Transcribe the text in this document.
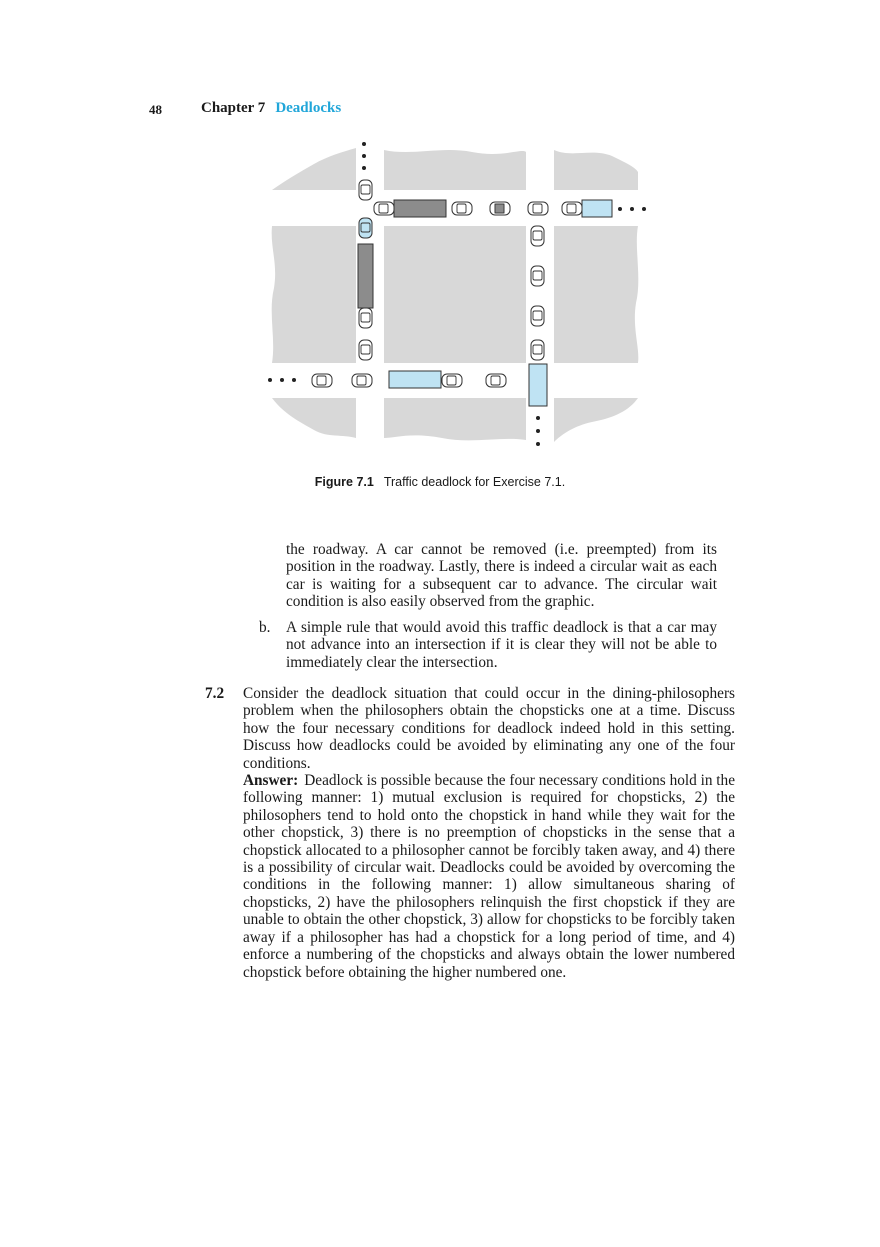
48	Chapter 7 Deadlocks
Figure 7.1 Traffic deadlock for Exercise 7.1.

the roadway. A car cannot be removed (i.e. preempted) from its position in the roadway. Lastly, there is indeed a circular wait as each car is waiting for a subsequent car to advance. The circular wait condition is also easily observed from the graphic.

b. A simple rule that would avoid this traffic deadlock is that a car may not advance into an intersection if it is clear they will not be able to immediately clear the intersection.

7.2 Consider the deadlock situation that could occur in the dining-philosophers problem when the philosophers obtain the chopsticks one at a time. Discuss how the four necessary conditions for deadlock indeed hold in this setting. Discuss how deadlocks could be avoided by eliminating any one of the four conditions.

Answer: Deadlock is possible because the four necessary conditions hold in the following manner: 1) mutual exclusion is required for chopsticks, 2) the philosophers tend to hold onto the chopstick in hand while they wait for the other chopstick, 3) there is no preemption of chopsticks in the sense that a chopstick allocated to a philosopher cannot be forcibly taken away, and 4) there is a possibility of circular wait. Deadlocks could be avoided by overcoming the conditions in the following manner: 1) allow simultaneous sharing of chopsticks, 2) have the philosophers relinquish the first chopstick if they are unable to obtain the other chopstick, 3) allow for chopsticks to be forcibly taken away if a philosopher has had a chopstick for a long period of time, and 4) enforce a numbering of the chopsticks and always obtain the lower numbered chopstick before obtaining the higher numbered one.
